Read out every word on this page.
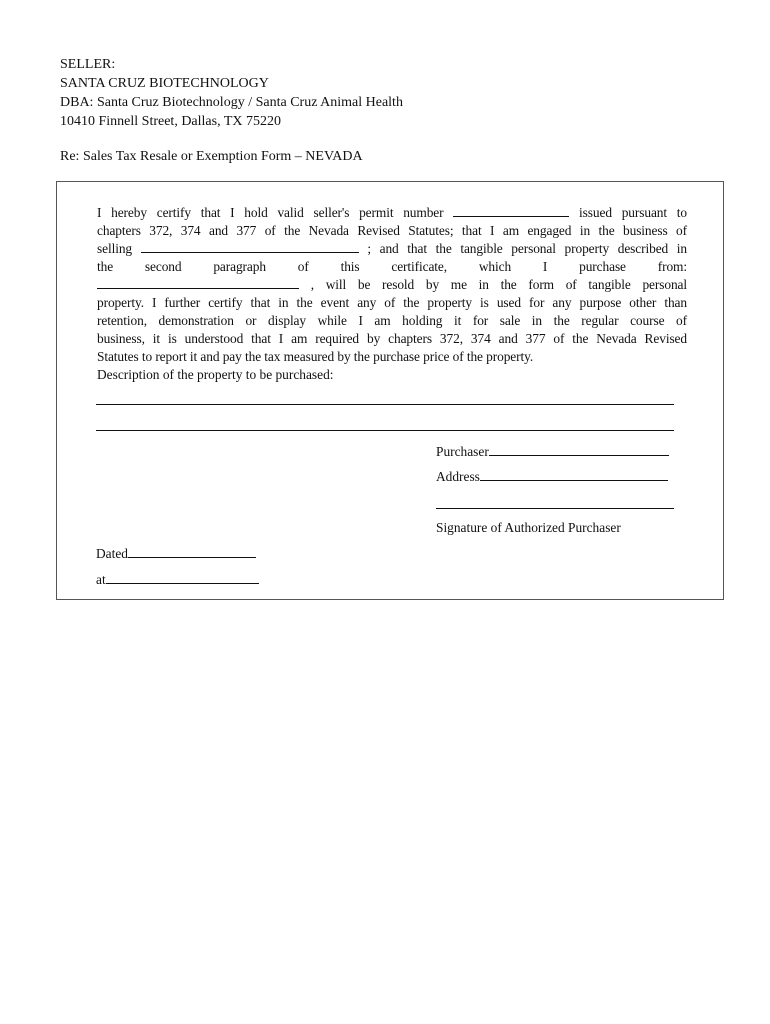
SELLER:
SANTA CRUZ BIOTECHNOLOGY
DBA: Santa Cruz Biotechnology / Santa Cruz Animal Health
10410 Finnell Street, Dallas, TX 75220
Re: Sales Tax Resale or Exemption Form – NEVADA

I hereby certify that I hold valid seller's permit number	issued pursuant to

chapters 372, 374 and 377 of the Nevada Revised Statutes; that I am engaged in the business of

selling	; and that the tangible personal property described in

the second paragraph of this certificate, which I purchase from:

, will be resold by me in the form of tangible personal

property. I further certify that in the event any of the property is used for any purpose other than

retention, demonstration or display while I am holding it for sale in the regular course of

business, it is understood that I am required by chapters 372, 374 and 377 of the Nevada Revised

Statutes to report it and pay the tax measured by the purchase price of the property.

Description of the property to be purchased:
Purchaser
Address
Signature of Authorized Purchaser
Dated
at
